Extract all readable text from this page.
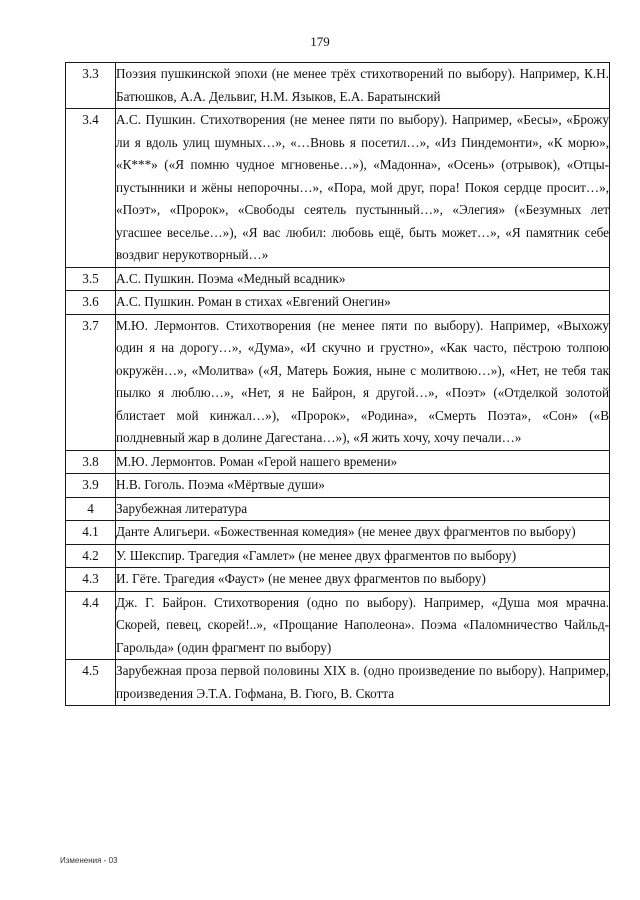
179
3.3	Поэзия пушкинской эпохи (не менее трёх стихотворений по выбору). Например, К.Н. Батюшков, А.А. Дельвиг, Н.М. Языков, Е.А. Баратынский
3.4	А.С. Пушкин. Стихотворения (не менее пяти по выбору). Например, «Бесы», «Брожу ли я вдоль улиц шумных…», «…Вновь я посетил…», «Из Пиндемонти», «К морю», «К***» («Я помню чудное мгновенье…»), «Мадонна», «Осень» (отрывок), «Отцы-пустынники и жёны непорочны…», «Пора, мой друг, пора! Покоя сердце просит…», «Поэт», «Пророк», «Свободы сеятель пустынный…», «Элегия» («Безумных лет угасшее веселье…»), «Я вас любил: любовь ещё, быть может…», «Я памятник себе воздвиг нерукотворный…»
3.5	А.С. Пушкин. Поэма «Медный всадник»
3.6	А.С. Пушкин. Роман в стихах «Евгений Онегин»
3.7	М.Ю. Лермонтов. Стихотворения (не менее пяти по выбору). Например, «Выхожу один я на дорогу…», «Дума», «И скучно и грустно», «Как часто, пёстрою толпою окружён…», «Молитва» («Я, Матерь Божия, ныне с молитвою…»), «Нет, не тебя так пылко я люблю…», «Нет, я не Байрон, я другой…», «Поэт» («Отделкой золотой блистает мой кинжал…»), «Пророк», «Родина», «Смерть Поэта», «Сон» («В полдневный жар в долине Дагестана…»), «Я жить хочу, хочу печали…»
3.8	М.Ю. Лермонтов. Роман «Герой нашего времени»
3.9	Н.В. Гоголь. Поэма «Мёртвые души»
4	Зарубежная литература
4.1	Данте Алигьери. «Божественная комедия» (не менее двух фрагментов по выбору)
4.2	У. Шекспир. Трагедия «Гамлет» (не менее двух фрагментов по выбору)
4.3	И. Гёте. Трагедия «Фауст» (не менее двух фрагментов по выбору)
4.4	Дж. Г. Байрон. Стихотворения (одно по выбору). Например, «Душа моя мрачна. Скорей, певец, скорей!..», «Прощание Наполеона». Поэма «Паломничество Чайльд-Гарольда» (один фрагмент по выбору)
4.5	Зарубежная проза первой половины XIX в. (одно произведение по выбору). Например, произведения Э.Т.А. Гофмана, В. Гюго, В. Скотта
Изменения - 03
